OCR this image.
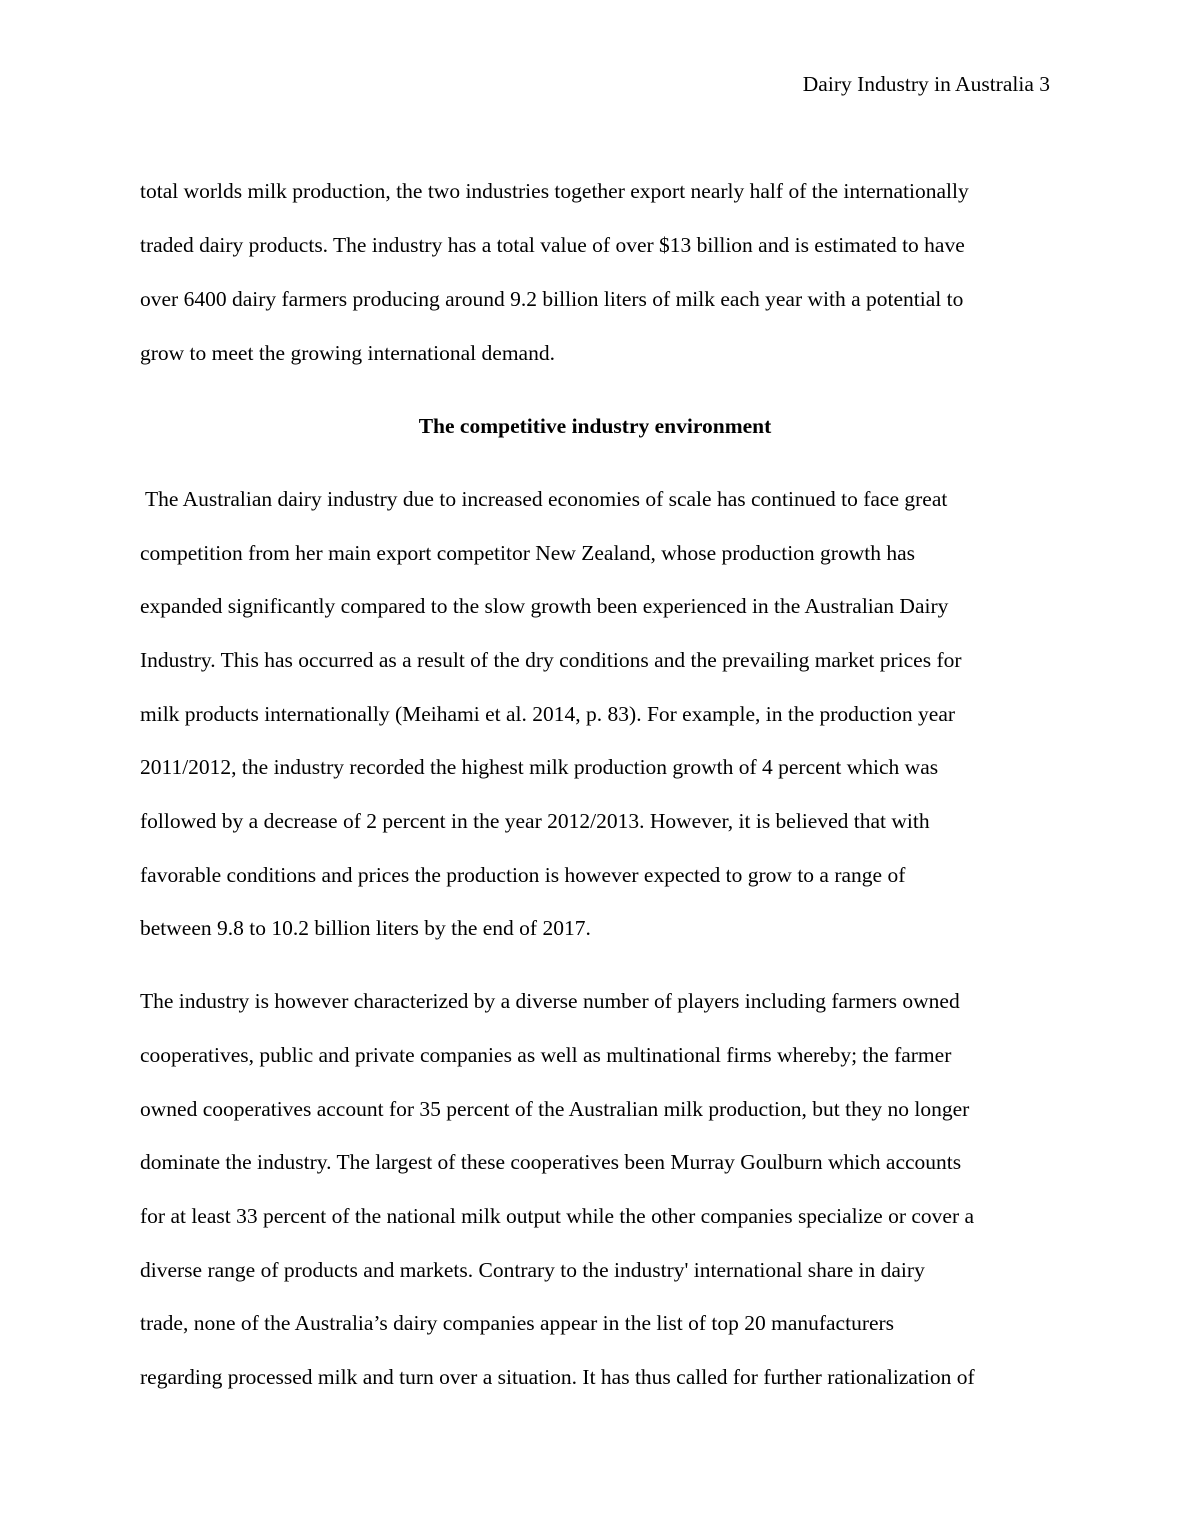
Dairy Industry in Australia 3
total worlds milk production, the two industries together export nearly half of the internationally
traded dairy products. The industry has a total value of over $13 billion and is estimated to have
over 6400 dairy farmers producing around 9.2 billion liters of milk each year with a potential to
grow to meet the growing international demand.
The competitive industry environment
The Australian dairy industry due to increased economies of scale has continued to face great
competition from her main export competitor New Zealand, whose production growth has
expanded significantly compared to the slow growth been experienced in the Australian Dairy
Industry. This has occurred as a result of the dry conditions and the prevailing market prices for
milk products internationally (Meihami et al. 2014, p. 83). For example, in the production year
2011/2012, the industry recorded the highest milk production growth of 4 percent which was
followed by a decrease of 2 percent in the year 2012/2013. However, it is believed that with
favorable conditions and prices the production is however expected to grow to a range of
between 9.8 to 10.2 billion liters by the end of 2017.
The industry is however characterized by a diverse number of players including farmers owned
cooperatives, public and private companies as well as multinational firms whereby; the farmer
owned cooperatives account for 35 percent of the Australian milk production, but they no longer
dominate the industry. The largest of these cooperatives been Murray Goulburn which accounts
for at least 33 percent of the national milk output while the other companies specialize or cover a
diverse range of products and markets. Contrary to the industry' international share in dairy
trade, none of the Australia’s dairy companies appear in the list of top 20 manufacturers
regarding processed milk and turn over a situation. It has thus called for further rationalization of
